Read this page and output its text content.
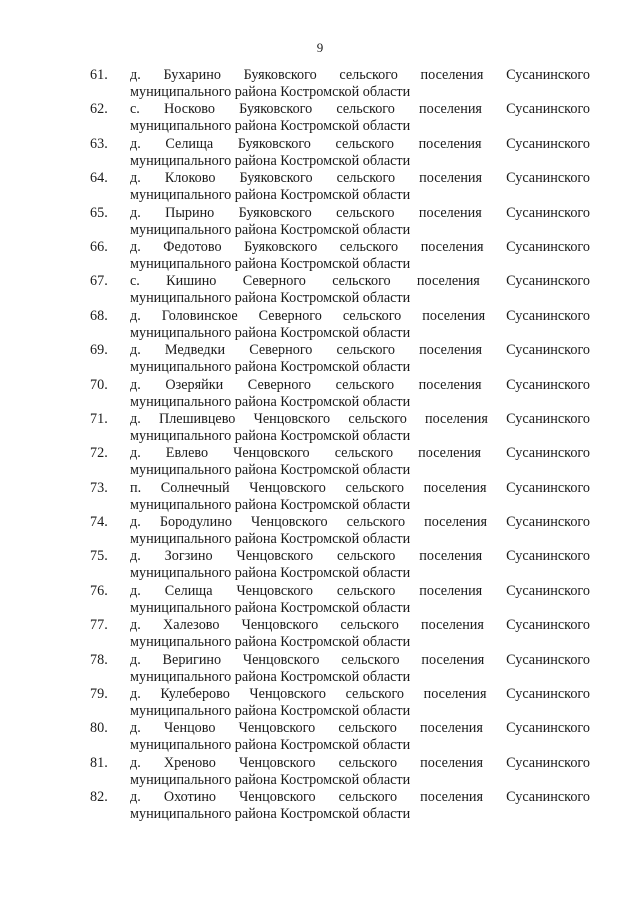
9
61.	д. Бухарино Буяковского сельского поселения Сусанинского
муниципального района Костромской области
62.	с. Носково Буяковского сельского поселения Сусанинского
муниципального района Костромской области
63.	д. Селища Буяковского сельского поселения Сусанинского
муниципального района Костромской области
64.	д. Клоково Буяковского сельского поселения Сусанинского
муниципального района Костромской области
65.	д. Пырино Буяковского сельского поселения Сусанинского
муниципального района Костромской области
66.	д. Федотово Буяковского сельского поселения Сусанинского
муниципального района Костромской области
67.	с. Кишино Северного сельского поселения Сусанинского
муниципального района Костромской области
68.	д. Головинское Северного сельского поселения Сусанинского
муниципального района Костромской области
69.	д. Медведки Северного сельского поселения Сусанинского
муниципального района Костромской области
70.	д. Озеряйки Северного сельского поселения Сусанинского
муниципального района Костромской области
71.	д. Плешивцево Ченцовского сельского поселения Сусанинского
муниципального района Костромской области
72.	д. Евлево Ченцовского сельского поселения Сусанинского
муниципального района Костромской области
73.	п. Солнечный Ченцовского сельского поселения Сусанинского
муниципального района Костромской области
74.	д. Бородулино Ченцовского сельского поселения Сусанинского
муниципального района Костромской области
75.	д. Зогзино Ченцовского сельского поселения Сусанинского
муниципального района Костромской области
76.	д. Селища Ченцовского сельского поселения Сусанинского
муниципального района Костромской области
77.	д. Халезово Ченцовского сельского поселения Сусанинского
муниципального района Костромской области
78.	д. Веригино Ченцовского сельского поселения Сусанинского
муниципального района Костромской области
79.	д. Кулеберово Ченцовского сельского поселения Сусанинского
муниципального района Костромской области
80.	д. Ченцово Ченцовского сельского поселения Сусанинского
муниципального района Костромской области
81.	д. Хреново Ченцовского сельского поселения Сусанинского
муниципального района Костромской области
82.	д. Охотино Ченцовского сельского поселения Сусанинского
муниципального района Костромской области
